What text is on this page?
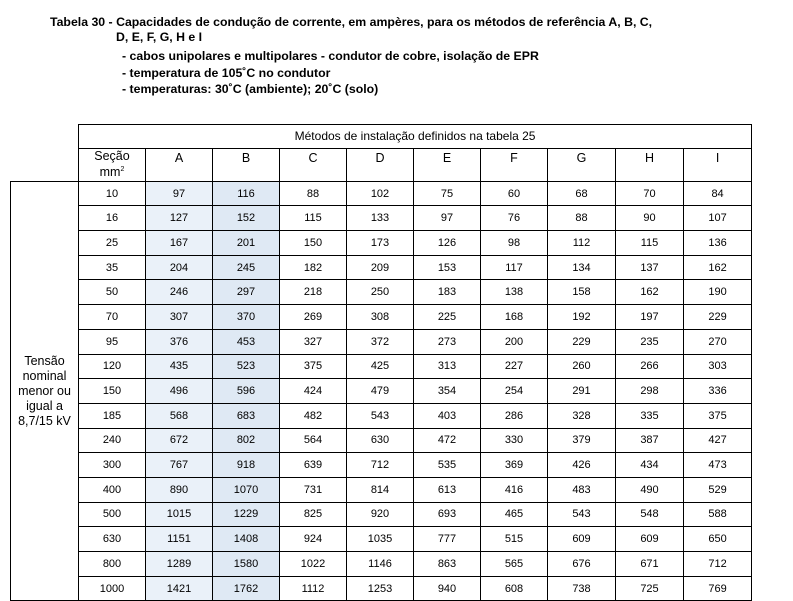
Tabela 30 - Capacidades de condução de corrente, em ampères, para os métodos de referência A, B, C,
D, E, F, G, H e I
- cabos unipolares e multipolares - condutor de cobre, isolação de EPR
- temperatura de 105˚C no condutor
- temperaturas: 30˚C (ambiente); 20˚C (solo)
	Métodos de instalação definidos na tabela 25									
	Seção
$mm^2$	A	B	C	D	E	F	G	H	I
Tensão nominal menor ou igual a 8,7/15 kV	10	97	116	88	102	75	60	68	70	84
	16	127	152	115	133	97	76	88	90	107
	25	167	201	150	173	126	98	112	115	136
	35	204	245	182	209	153	117	134	137	162
	50	246	297	218	250	183	138	158	162	190
	70	307	370	269	308	225	168	192	197	229
	95	376	453	327	372	273	200	229	235	270
	120	435	523	375	425	313	227	260	266	303
	150	496	596	424	479	354	254	291	298	336
	185	568	683	482	543	403	286	328	335	375
	240	672	802	564	630	472	330	379	387	427
	300	767	918	639	712	535	369	426	434	473
	400	890	1070	731	814	613	416	483	490	529
	500	1015	1229	825	920	693	465	543	548	588
	630	1151	1408	924	1035	777	515	609	609	650
	800	1289	1580	1022	1146	863	565	676	671	712
	1000	1421	1762	1112	1253	940	608	738	725	769
